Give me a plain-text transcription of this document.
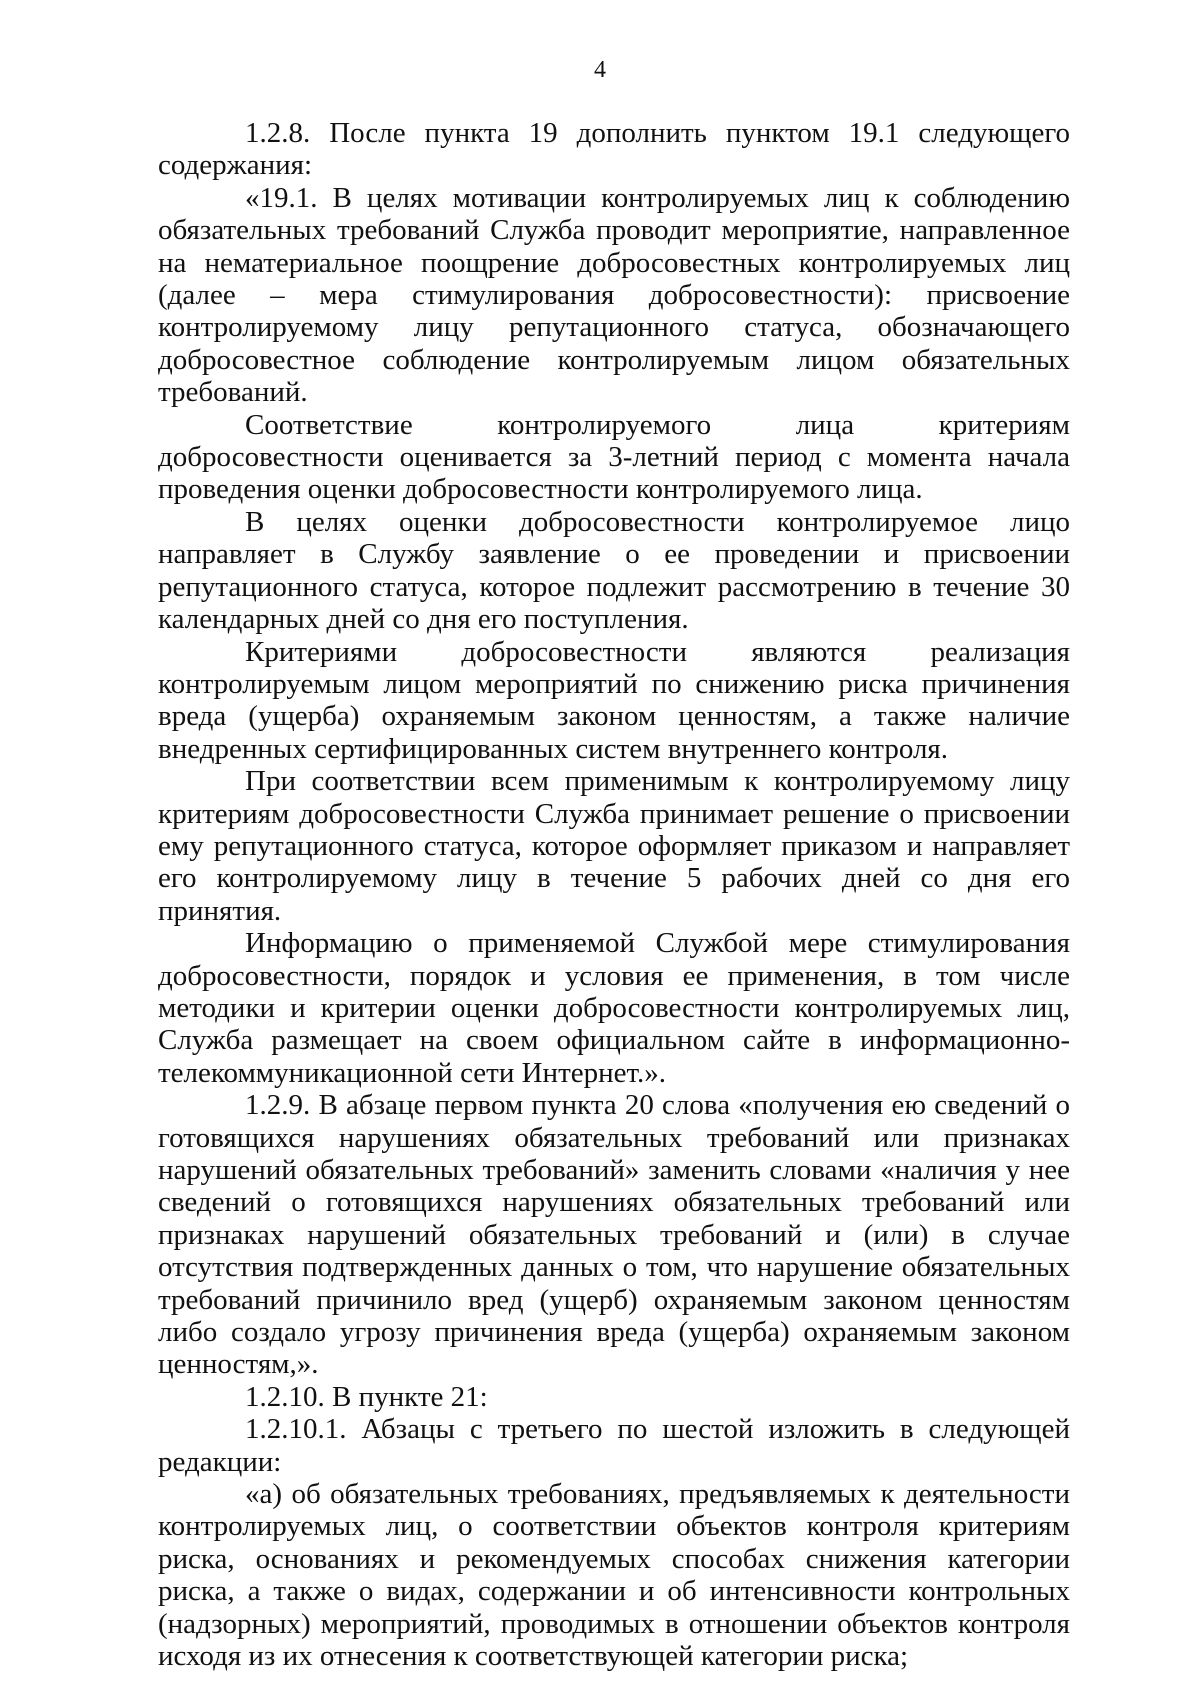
4

1.2.8. После пункта 19 дополнить пунктом 19.1 следующего содержания:

«19.1. В целях мотивации контролируемых лиц к соблюдению обязательных требований Служба проводит мероприятие, направленное на нематериальное поощрение добросовестных контролируемых лиц (далее – мера стимулирования добросовестности): присвоение контролируемому лицу репутационного статуса, обозначающего добросовестное соблюдение контролируемым лицом обязательных требований.

Соответствие контролируемого лица критериям добросовестности оценивается за 3-летний период с момента начала проведения оценки добросовестности контролируемого лица.

В целях оценки добросовестности контролируемое лицо направляет в Службу заявление о ее проведении и присвоении репутационного статуса, которое подлежит рассмотрению в течение 30 календарных дней со дня его поступления.

Критериями добросовестности являются реализация контролируемым лицом мероприятий по снижению риска причинения вреда (ущерба) охраняемым законом ценностям, а также наличие внедренных сертифицированных систем внутреннего контроля.

При соответствии всем применимым к контролируемому лицу критериям добросовестности Служба принимает решение о присвоении ему репутационного статуса, которое оформляет приказом и направляет его контролируемому лицу в течение 5 рабочих дней со дня его принятия.

Информацию о применяемой Службой мере стимулирования добросовестности, порядок и условия ее применения, в том числе методики и критерии оценки добросовестности контролируемых лиц, Служба размещает на своем официальном сайте в информационно-телекоммуникационной сети Интернет.».

1.2.9. В абзаце первом пункта 20 слова «получения ею сведений о готовящихся нарушениях обязательных требований или признаках нарушений обязательных требований» заменить словами «наличия у нее сведений о готовящихся нарушениях обязательных требований или признаках нарушений обязательных требований и (или) в случае отсутствия подтвержденных данных о том, что нарушение обязательных требований причинило вред (ущерб) охраняемым законом ценностям либо создало угрозу причинения вреда (ущерба) охраняемым законом ценностям,».

1.2.10. В пункте 21:

1.2.10.1. Абзацы с третьего по шестой изложить в следующей редакции:

«а) об обязательных требованиях, предъявляемых к деятельности контролируемых лиц, о соответствии объектов контроля критериям риска, основаниях и рекомендуемых способах снижения категории риска, а также о видах, содержании и об интенсивности контрольных (надзорных) мероприятий, проводимых в отношении объектов контроля исходя из их отнесения к соответствующей категории риска;
